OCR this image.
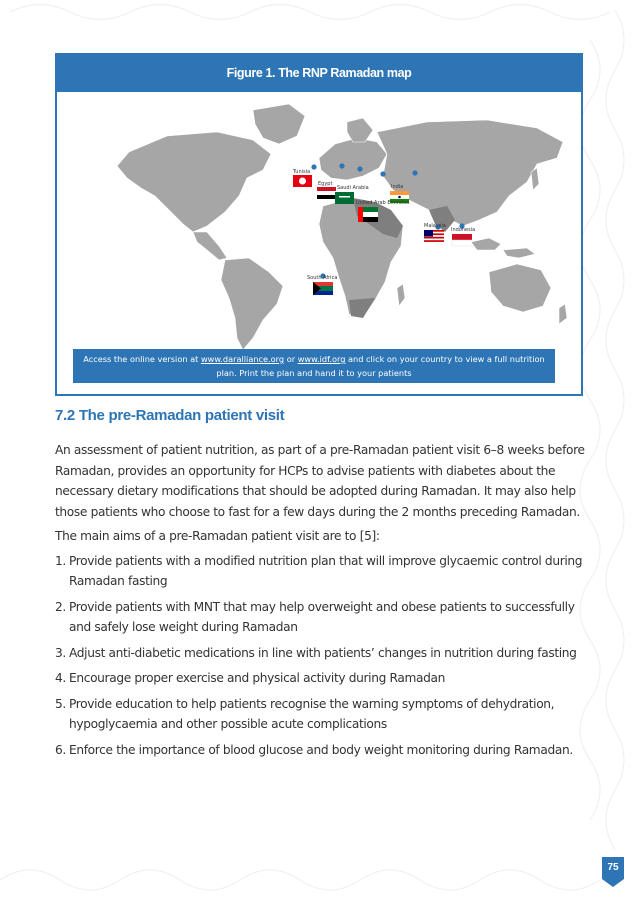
Figure 1. The RNP Ramadan map
Tunisia
Egypt
Saudi Arabia
United Arab Emirates
India
Malaysia
Indonesia
South Africa
Access the online version at www.daralliance.org or www.idf.org and click on your country to view a full nutrition plan. Print the plan and hand it to your patients
7.2 The pre-Ramadan patient visit

An assessment of patient nutrition, as part of a pre-Ramadan patient visit 6–8 weeks before Ramadan, provides an opportunity for HCPs to advise patients with diabetes about the necessary dietary modifications that should be adopted during Ramadan. It may also help those patients who choose to fast for a few days during the 2 months preceding Ramadan.

The main aims of a pre-Ramadan patient visit are to [5]:

1. Provide patients with a modified nutrition plan that will improve glycaemic control during Ramadan fasting
2. Provide patients with MNT that may help overweight and obese patients to successfully and safely lose weight during Ramadan
3. Adjust anti-diabetic medications in line with patients’ changes in nutrition during fasting
4. Encourage proper exercise and physical activity during Ramadan
5. Provide education to help patients recognise the warning symptoms of dehydration, hypoglycaemia and other possible acute complications
6. Enforce the importance of blood glucose and body weight monitoring during Ramadan.
75
